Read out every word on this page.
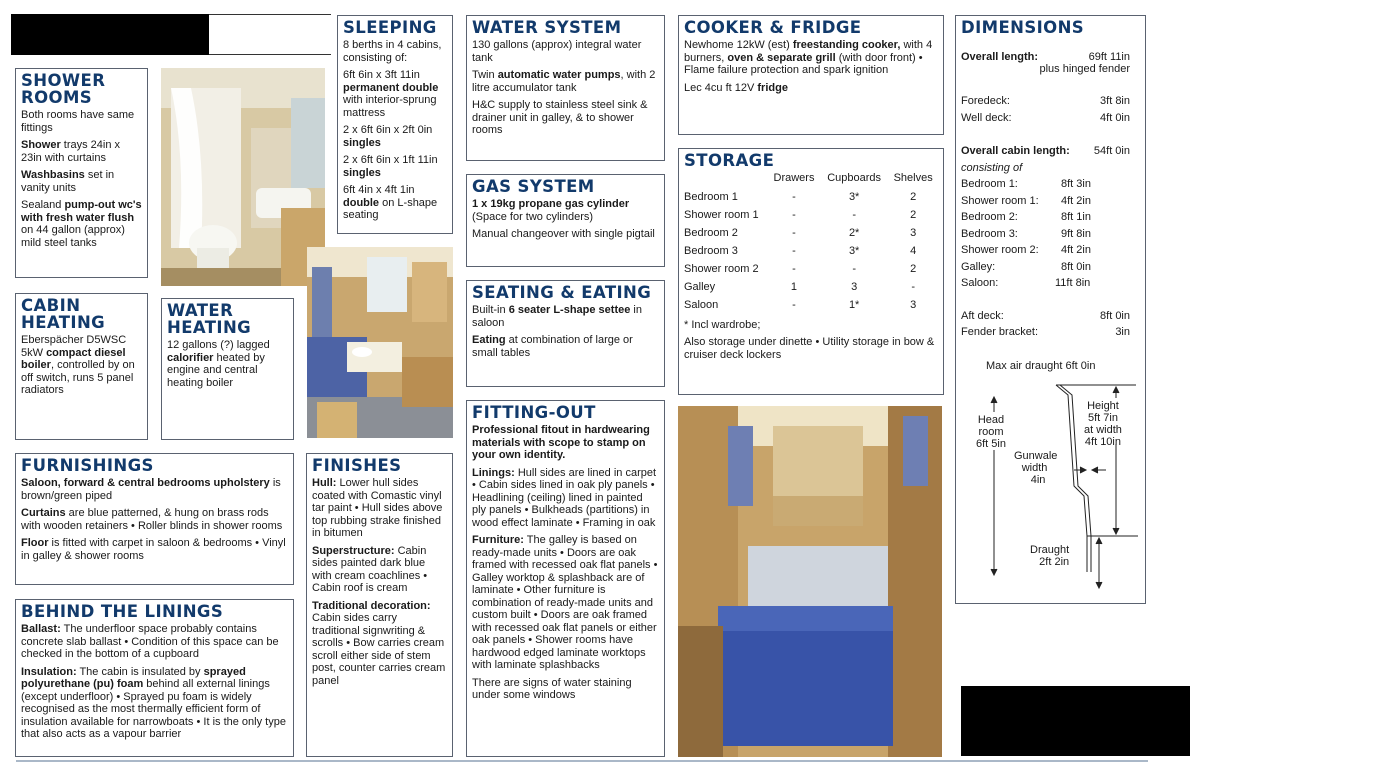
SHOWER ROOMS

Both rooms have same fittings

Shower trays 24in x 23in with curtains

Washbasins set in vanity units

Sealand pump-out wc's with fresh water flush on 44 gallon (approx) mild steel tanks

CABIN HEATING

Eberspächer D5WSC 5kW compact diesel boiler, controlled by on off switch, runs 5 panel radiators

WATER HEATING

12 gallons (?) lagged calorifier heated by engine and central heating boiler

FURNISHINGS

Saloon, forward & central bedrooms upholstery is brown/green piped

Curtains are blue patterned, & hung on brass rods with wooden retainers • Roller blinds in shower rooms

Floor is fitted with carpet in saloon & bedrooms • Vinyl in galley & shower rooms

FINISHES

Hull: Lower hull sides coated with Comastic vinyl tar paint • Hull sides above top rubbing strake finished in bitumen

Superstructure: Cabin sides painted dark blue with cream coachlines • Cabin roof is cream

Traditional decoration: Cabin sides carry traditional signwriting & scrolls • Bow carries cream scroll either side of stem post, counter carries cream panel

BEHIND THE LININGS

Ballast: The underfloor space probably contains concrete slab ballast • Condition of this space can be checked in the bottom of a cupboard

Insulation: The cabin is insulated by sprayed polyurethane (pu) foam behind all external linings (except underfloor) • Sprayed pu foam is widely recognised as the most thermally efficient form of insulation available for narrowboats • It is the only type that also acts as a vapour barrier

SLEEPING

8 berths in 4 cabins, consisting of:

6ft 6in x 3ft 11in permanent double with interior-sprung mattress

2 x 6ft 6in x 2ft 0in singles

2 x 6ft 6in x 1ft 11in singles

6ft 4in x 4ft 1in double on L-shape seating

WATER SYSTEM

130 gallons (approx) integral water tank

Twin automatic water pumps, with 2 litre accumulator tank

H&C supply to stainless steel sink & drainer unit in galley, & to shower rooms

GAS SYSTEM

1 x 19kg propane gas cylinder (Space for two cylinders)

Manual changeover with single pigtail

SEATING & EATING

Built-in 6 seater L-shape settee in saloon

Eating at combination of large or small tables

FITTING-OUT

Professional fitout in hardwearing materials with scope to stamp on your own identity.

Linings: Hull sides are lined in carpet • Cabin sides lined in oak ply panels • Headlining (ceiling) lined in painted ply panels • Bulkheads (partitions) in wood effect laminate • Framing in oak

Furniture: The galley is based on ready-made units • Doors are oak framed with recessed oak flat panels • Galley worktop & splashback are of laminate • Other furniture is combination of ready-made units and custom built • Doors are oak framed with recessed oak flat panels or either oak panels • Shower rooms have hardwood edged laminate worktops with laminate splashbacks

There are signs of water staining under some windows

COOKER & FRIDGE

Newhome 12kW (est) freestanding cooker, with 4 burners, oven & separate grill (with door front) • Flame failure protection and spark ignition

Lec 4cu ft 12V fridge

STORAGE
	Drawers	Cupboards	Shelves
Bedroom 1	-	3*	2
Shower room 1	-	-	2
Bedroom 2	-	2*	3
Bedroom 3	-	3*	4
Shower room 2	-	-	2
Galley	1	3	-
Saloon	-	1*	3

* Incl wardrobe;

Also storage under dinette • Utility storage in bow & cruiser deck lockers

DIMENSIONS
Overall length:	69ft 11in
plus hinged fender
Foredeck:	3ft 8in
Well deck:	4ft 0in
Overall cabin length: 54ft 0in
consisting of
Bedroom 1:	8ft 3in
Shower room 1: 4ft 2in
Bedroom 2:	8ft 1in
Bedroom 3:	9ft 8in
Shower room 2: 4ft 2in
Galley:	8ft 0in
Saloon:	11ft 8in
Aft deck:	8ft 0in
Fender bracket:	3in
Max air draught 6ft 0in
Head
room
6ft 5in
Height
5ft 7in
at width
4ft 10in
Gunwale
width
4in
Draught
2ft 2in
